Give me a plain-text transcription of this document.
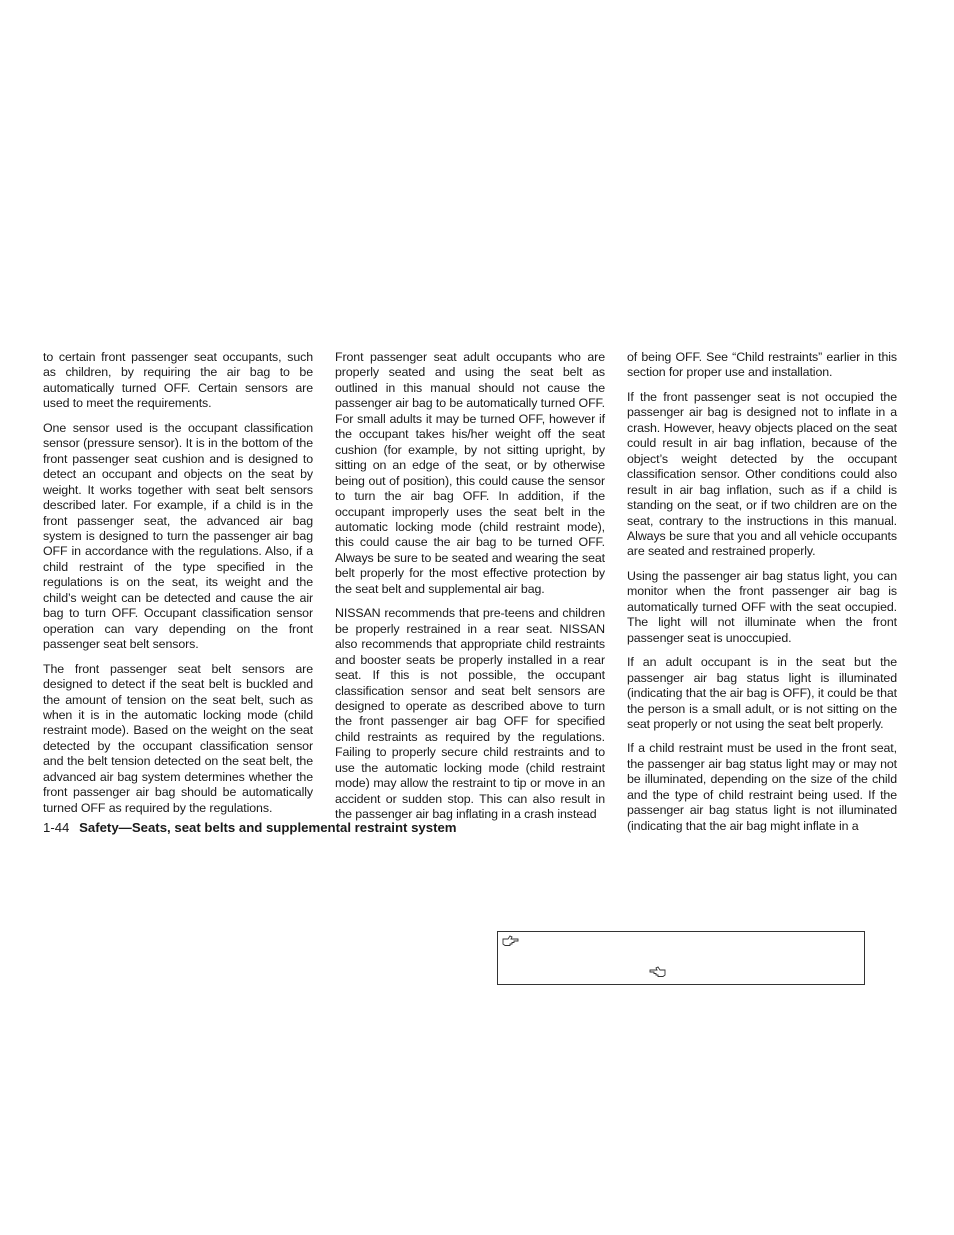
to certain front passenger seat occupants, such as children, by requiring the air bag to be automatically turned OFF. Certain sensors are used to meet the requirements.

One sensor used is the occupant classification sensor (pressure sensor). It is in the bottom of the front passenger seat cushion and is designed to detect an occupant and objects on the seat by weight. It works together with seat belt sensors described later. For example, if a child is in the front passenger seat, the advanced air bag system is designed to turn the passenger air bag OFF in accordance with the regulations. Also, if a child restraint of the type specified in the regulations is on the seat, its weight and the child’s weight can be detected and cause the air bag to turn OFF. Occupant classification sensor operation can vary depending on the front passenger seat belt sensors.

The front passenger seat belt sensors are designed to detect if the seat belt is buckled and the amount of tension on the seat belt, such as when it is in the automatic locking mode (child restraint mode). Based on the weight on the seat detected by the occupant classification sensor and the belt tension detected on the seat belt, the advanced air bag system determines whether the front passenger air bag should be automatically turned OFF as required by the regulations.

Front passenger seat adult occupants who are properly seated and using the seat belt as outlined in this manual should not cause the passenger air bag to be automatically turned OFF. For small adults it may be turned OFF, however if the occupant takes his/her weight off the seat cushion (for example, by not sitting upright, by sitting on an edge of the seat, or by otherwise being out of position), this could cause the sensor to turn the air bag OFF. In addition, if the occupant improperly uses the seat belt in the automatic locking mode (child restraint mode), this could cause the air bag to be turned OFF. Always be sure to be seated and wearing the seat belt properly for the most effective protection by the seat belt and supplemental air bag.

NISSAN recommends that pre-teens and children be properly restrained in a rear seat. NISSAN also recommends that appropriate child restraints and booster seats be properly installed in a rear seat. If this is not possible, the occupant classification sensor and seat belt sensors are designed to operate as described above to turn the front passenger air bag OFF for specified child restraints as required by the regulations. Failing to properly secure child restraints and to use the automatic locking mode (child restraint mode) may allow the restraint to tip or move in an accident or sudden stop. This can also result in the passenger air bag inflating in a crash instead

of being OFF. See “Child restraints” earlier in this section for proper use and installation.

If the front passenger seat is not occupied the passenger air bag is designed not to inflate in a crash. However, heavy objects placed on the seat could result in air bag inflation, because of the object’s weight detected by the occupant classification sensor. Other conditions could also result in air bag inflation, such as if a child is standing on the seat, or if two children are on the seat, contrary to the instructions in this manual. Always be sure that you and all vehicle occupants are seated and restrained properly.

Using the passenger air bag status light, you can monitor when the front passenger air bag is automatically turned OFF with the seat occupied. The light will not illuminate when the front passenger seat is unoccupied.

If an adult occupant is in the seat but the passenger air bag status light is illuminated (indicating that the air bag is OFF), it could be that the person is a small adult, or is not sitting on the seat properly or not using the seat belt properly.

If a child restraint must be used in the front seat, the passenger air bag status light may or may not be illuminated, depending on the size of the child and the type of child restraint being used. If the passenger air bag status light is not illuminated (indicating that the air bag might inflate in a

1-44 Safety—Seats, seat belts and supplemental restraint system
